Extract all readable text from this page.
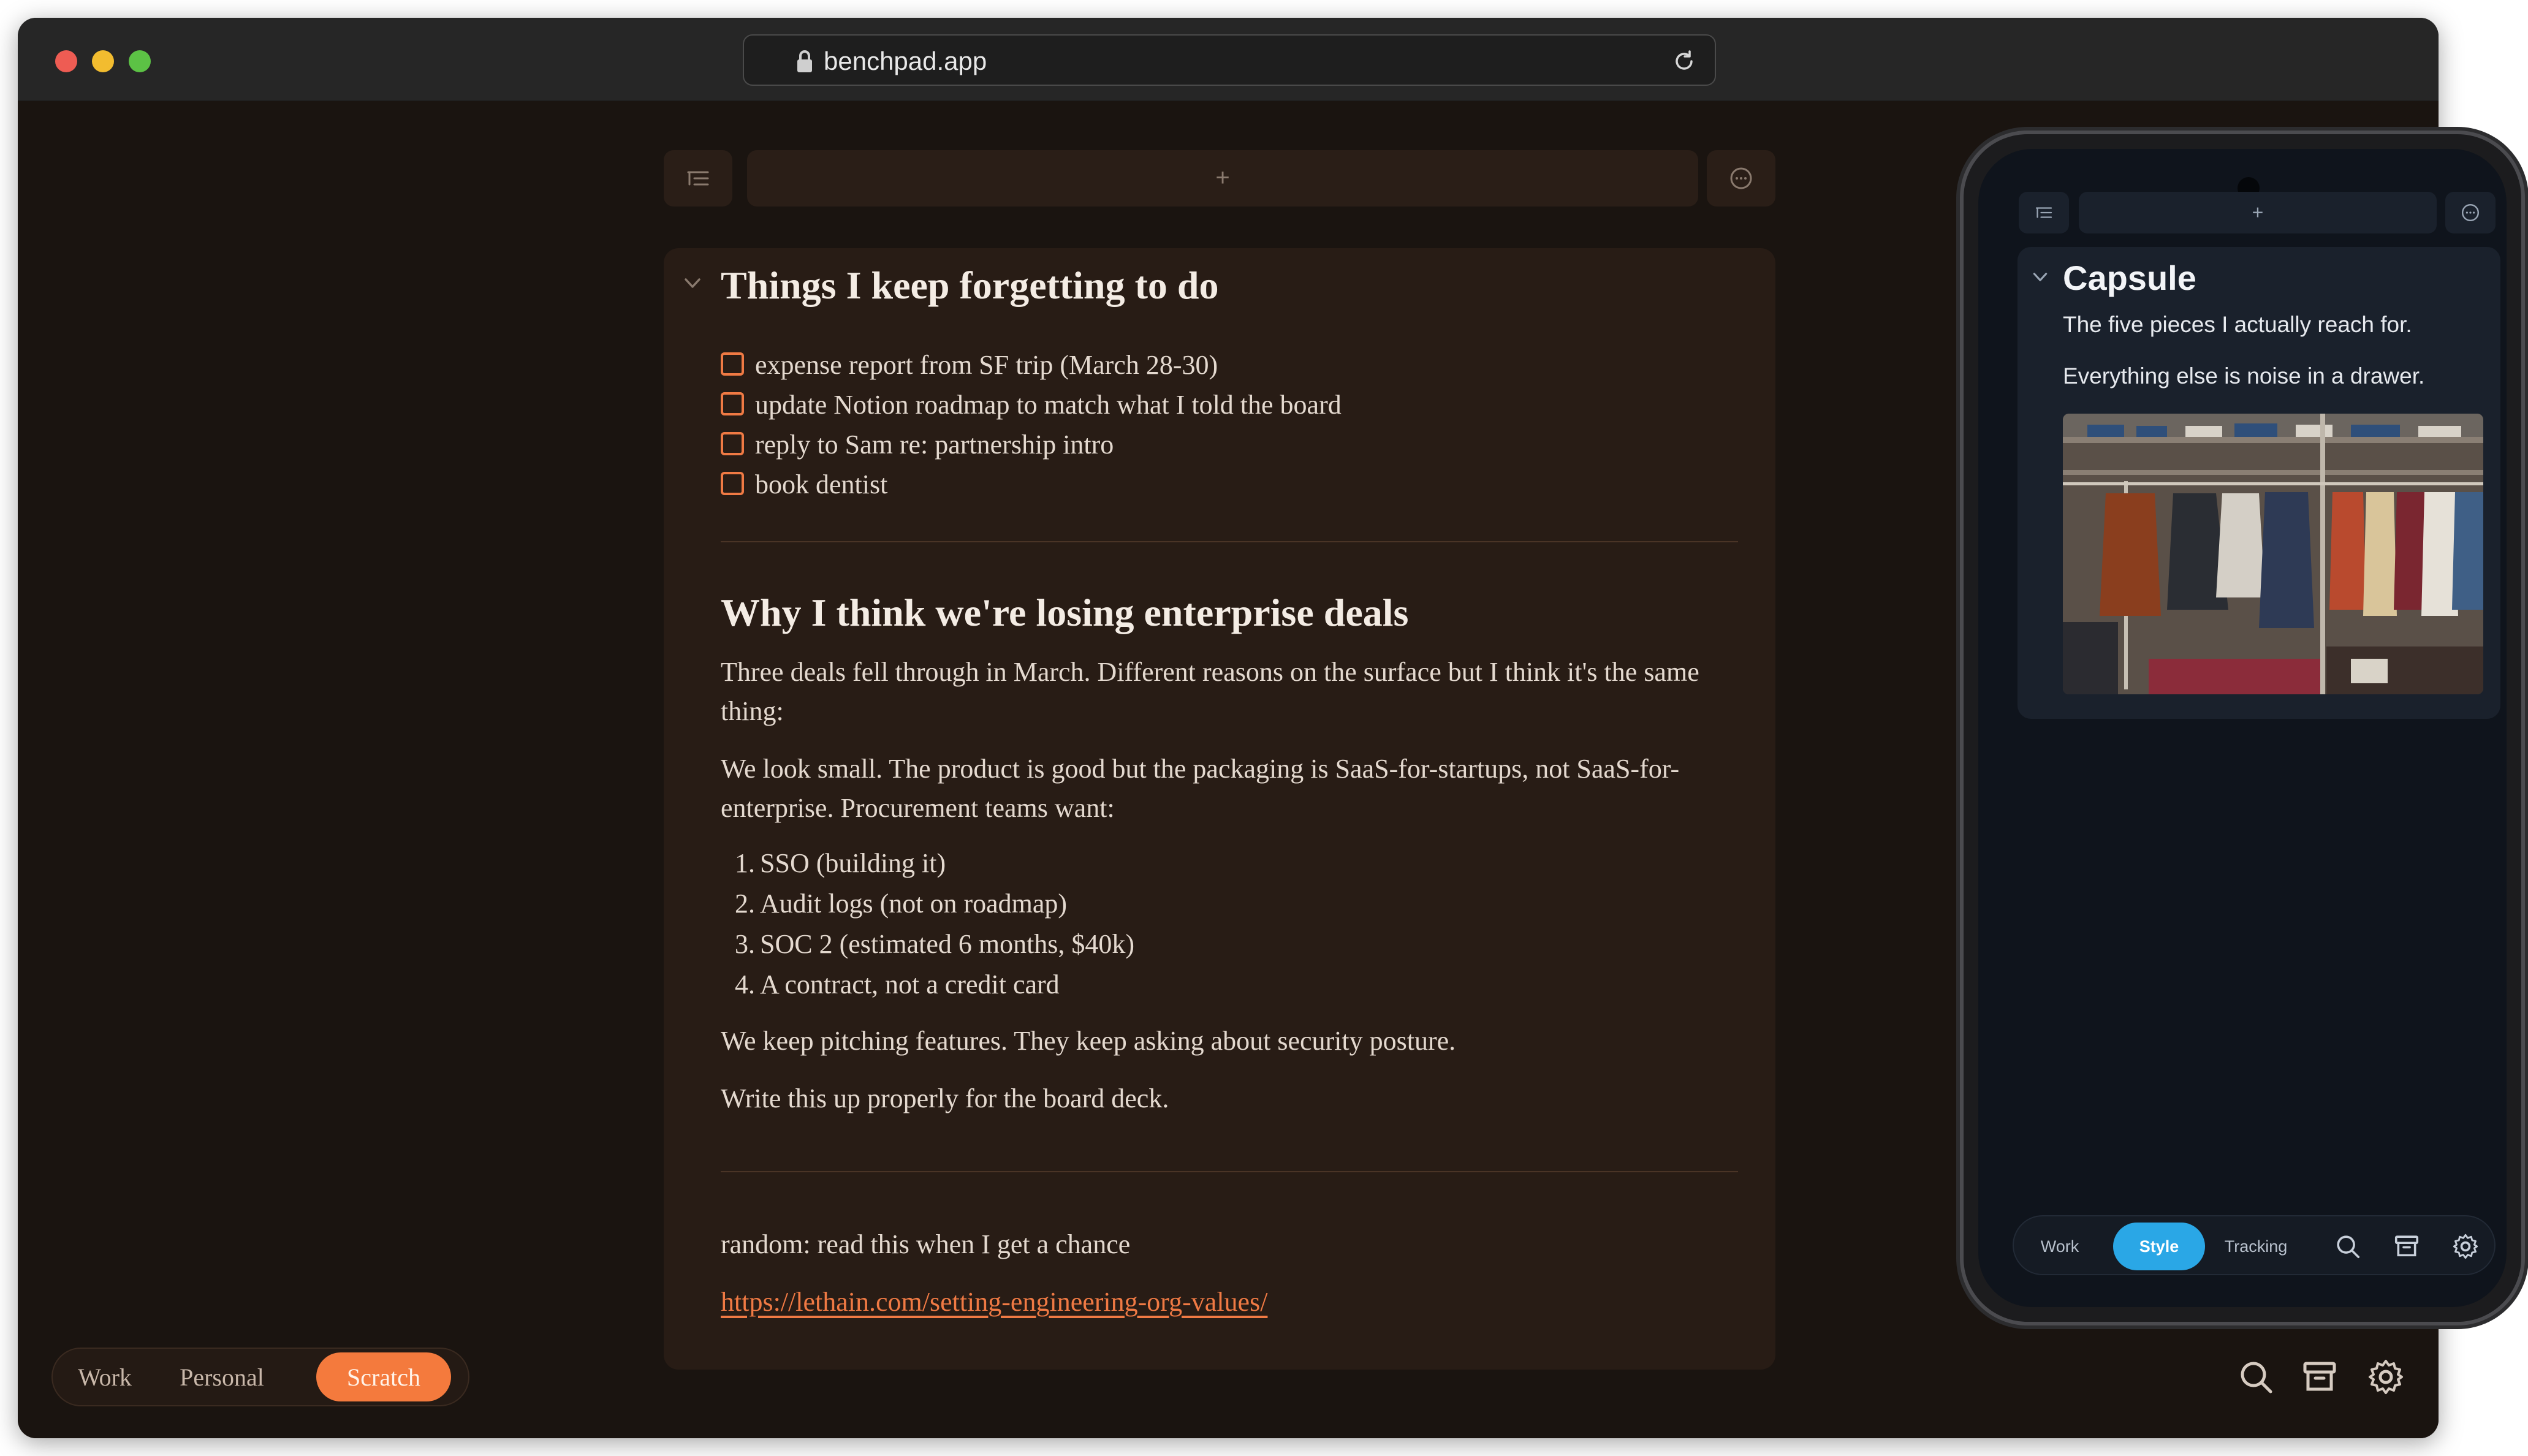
benchpad.app
+
Things I keep forgetting to do
expense report from SF trip (March 28-30)
update Notion roadmap to match what I told the board
reply to Sam re: partnership intro
book dentist
Why I think we're losing enterprise deals

Three deals fell through in March. Different reasons on the surface but I think it's the same thing:

We look small. The product is good but the packaging is SaaS-for-startups, not SaaS-for-enterprise. Procurement teams want:

1. SSO (building it)
2. Audit logs (not on roadmap)
3. SOC 2 (estimated 6 months, $40k)
4. A contract, not a credit card

We keep pitching features. They keep asking about security posture.

Write this up properly for the board deck.

random: read this when I get a chance

https://lethain.com/setting-engineering-org-values/
Work	Personal	Scratch
+
Capsule
The five pieces I actually reach for.
Everything else is noise in a drawer.
Work	Style	Tracking
